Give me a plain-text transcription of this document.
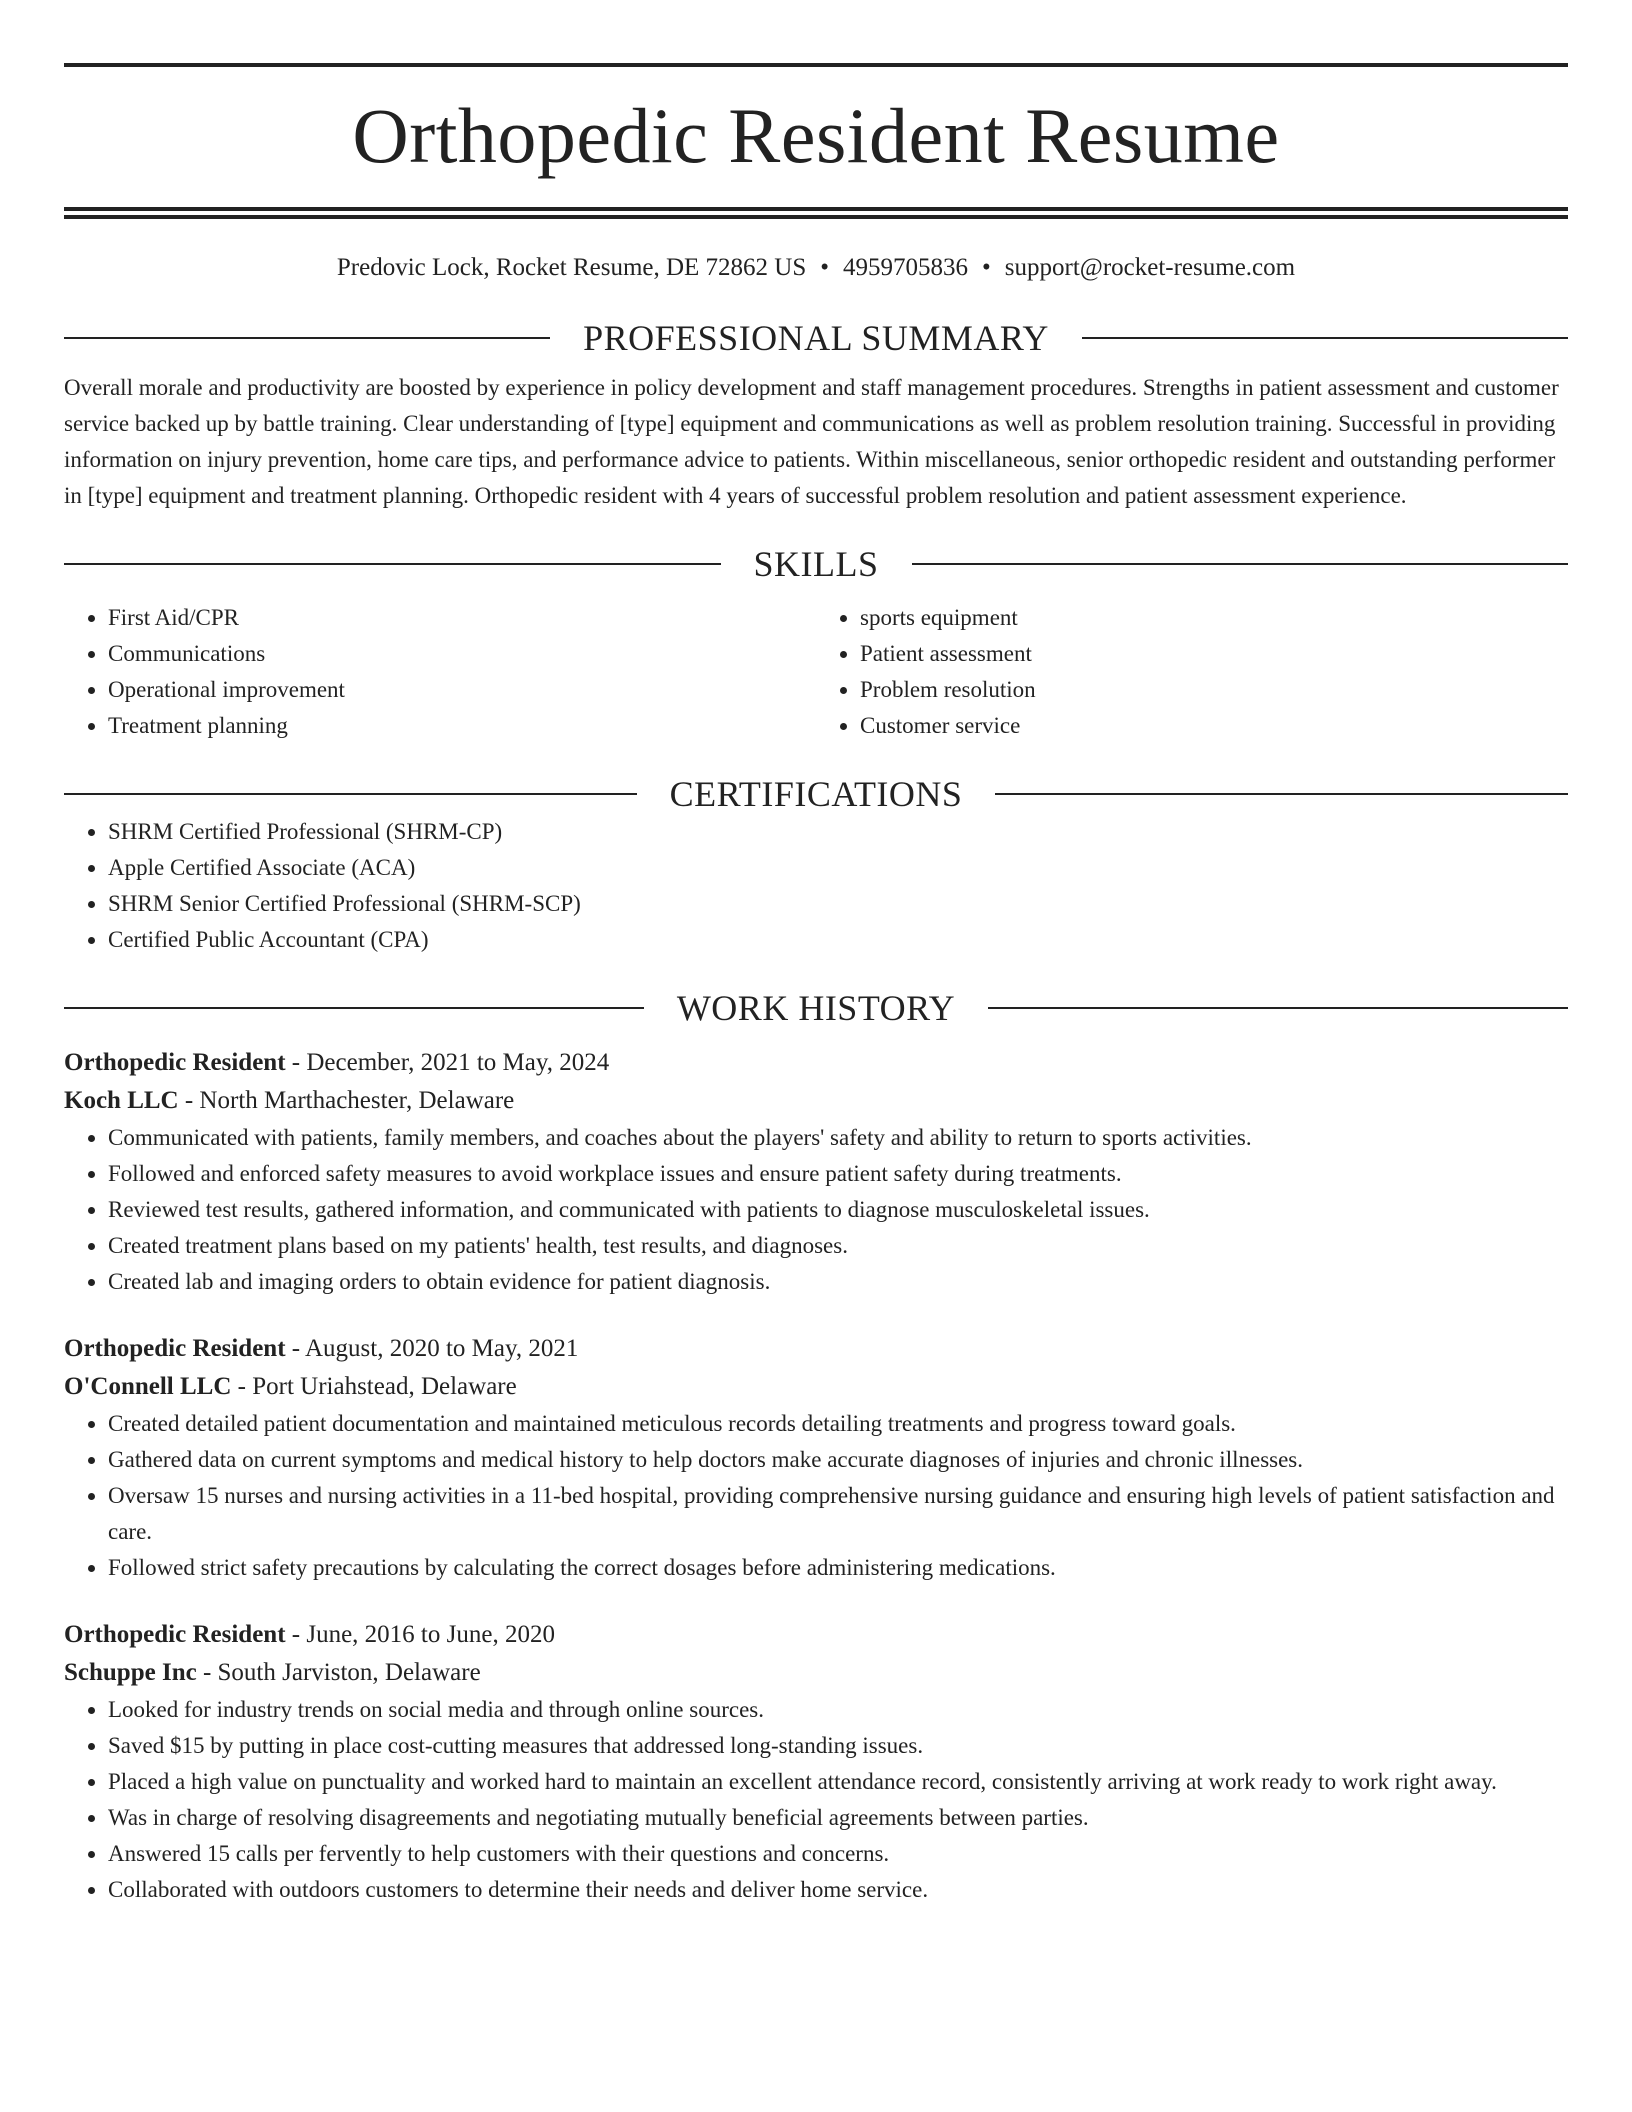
Orthopedic Resident Resume
Predovic Lock, Rocket Resume, DE 72862 US • 4959705836 • support@rocket-resume.com
PROFESSIONAL SUMMARY
Overall morale and productivity are boosted by experience in policy development and staff management procedures. Strengths in patient assessment and customer service backed up by battle training. Clear understanding of [type] equipment and communications as well as problem resolution training. Successful in providing information on injury prevention, home care tips, and performance advice to patients. Within miscellaneous, senior orthopedic resident and outstanding performer in [type] equipment and treatment planning. Orthopedic resident with 4 years of successful problem resolution and patient assessment experience.
SKILLS
• First Aid/CPR
• Communications
• Operational improvement
• Treatment planning
• sports equipment
• Patient assessment
• Problem resolution
• Customer service
CERTIFICATIONS
• SHRM Certified Professional (SHRM-CP)
• Apple Certified Associate (ACA)
• SHRM Senior Certified Professional (SHRM-SCP)
• Certified Public Accountant (CPA)
WORK HISTORY
Orthopedic Resident - December, 2021 to May, 2024
Koch LLC - North Marthachester, Delaware
• Communicated with patients, family members, and coaches about the players' safety and ability to return to sports activities.
• Followed and enforced safety measures to avoid workplace issues and ensure patient safety during treatments.
• Reviewed test results, gathered information, and communicated with patients to diagnose musculoskeletal issues.
• Created treatment plans based on my patients' health, test results, and diagnoses.
• Created lab and imaging orders to obtain evidence for patient diagnosis.
Orthopedic Resident - August, 2020 to May, 2021
O'Connell LLC - Port Uriahstead, Delaware
• Created detailed patient documentation and maintained meticulous records detailing treatments and progress toward goals.
• Gathered data on current symptoms and medical history to help doctors make accurate diagnoses of injuries and chronic illnesses.
• Oversaw 15 nurses and nursing activities in a 11-bed hospital, providing comprehensive nursing guidance and ensuring high levels of patient satisfaction and care.
• Followed strict safety precautions by calculating the correct dosages before administering medications.
Orthopedic Resident - June, 2016 to June, 2020
Schuppe Inc - South Jarviston, Delaware
• Looked for industry trends on social media and through online sources.
• Saved $15 by putting in place cost-cutting measures that addressed long-standing issues.
• Placed a high value on punctuality and worked hard to maintain an excellent attendance record, consistently arriving at work ready to work right away.
• Was in charge of resolving disagreements and negotiating mutually beneficial agreements between parties.
• Answered 15 calls per fervently to help customers with their questions and concerns.
• Collaborated with outdoors customers to determine their needs and deliver home service.
